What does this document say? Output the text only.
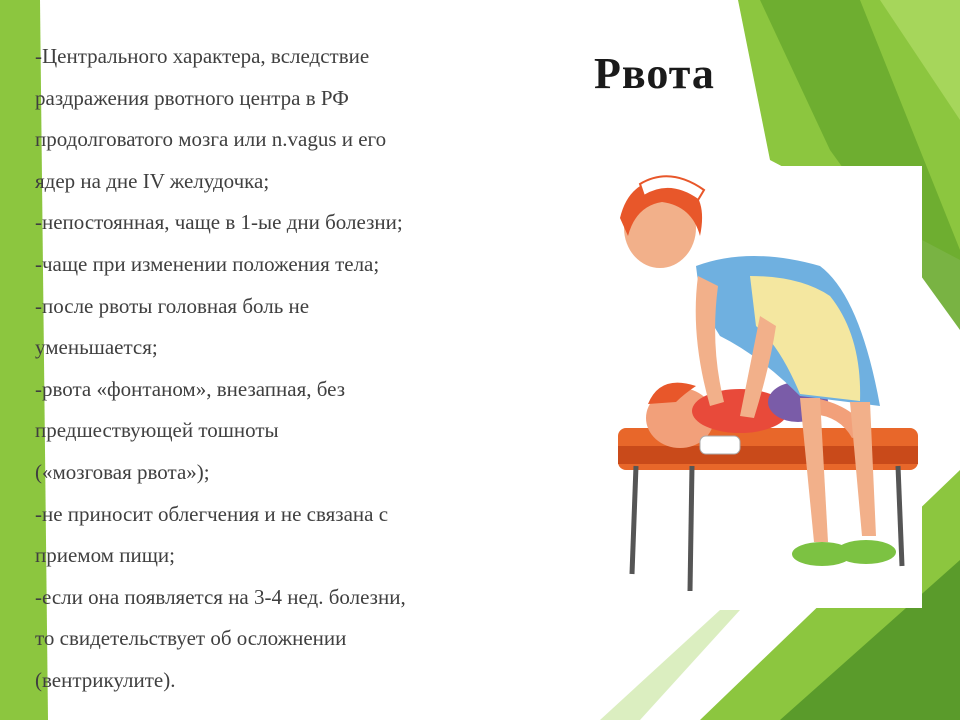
Рвота
-Центрального характера, вследствие
раздражения рвотного центра в РФ
продолговатого мозга или n.vagus и его
ядер на дне IV желудочка;
-непостоянная, чаще в 1-ые дни болезни;
-чаще при изменении положения тела;
-после рвоты головная боль не
уменьшается;
-рвота «фонтаном», внезапная, без
предшествующей тошноты
(«мозговая рвота»);
-не приносит облегчения и не связана с
приемом пищи;
-если она появляется на 3-4 нед. болезни,
то свидетельствует об осложнении
(вентрикулите).
